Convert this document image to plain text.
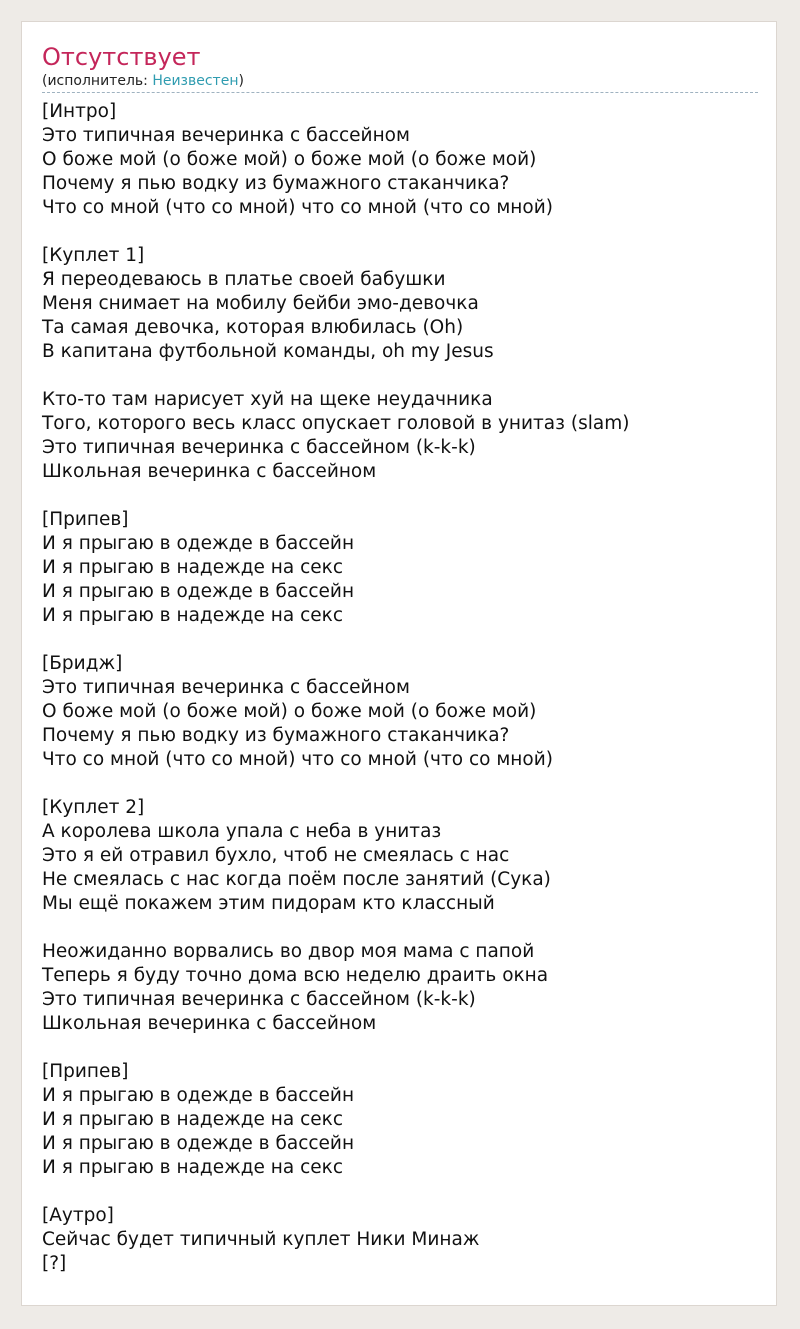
Отсутствует
(исполнитель: Неизвестен)
[Интро]
Это типичная вечеринка с бассейном
О боже мой (о боже мой) о боже мой (о боже мой)
Почему я пью водку из бумажного стаканчика?
Что со мной (что со мной) что со мной (что со мной)
[Куплет 1]
Я переодеваюсь в платье своей бабушки
Меня снимает на мобилу бейби эмо-девочка
Та самая девочка, которая влюбилась (Oh)
В капитана футбольной команды, oh my Jesus
Кто-то там нарисует хуй на щеке неудачника
Того, которого весь класс опускает головой в унитаз (slam)
Это типичная вечеринка с бассейном (k-k-k)
Школьная вечеринка с бассейном
[Припев]
И я прыгаю в одежде в бассейн
И я прыгаю в надежде на секс
И я прыгаю в одежде в бассейн
И я прыгаю в надежде на секс
[Бридж]
Это типичная вечеринка с бассейном
О боже мой (о боже мой) о боже мой (о боже мой)
Почему я пью водку из бумажного стаканчика?
Что со мной (что со мной) что со мной (что со мной)
[Куплет 2]
А королева школа упала с неба в унитаз
Это я ей отравил бухло, чтоб не смеялась с нас
Не смеялась с нас когда поём после занятий (Сука)
Мы ещё покажем этим пидорам кто классный
Неожиданно ворвались во двор моя мама с папой
Теперь я буду точно дома всю неделю драить окна
Это типичная вечеринка с бассейном (k-k-k)
Школьная вечеринка с бассейном
[Припев]
И я прыгаю в одежде в бассейн
И я прыгаю в надежде на секс
И я прыгаю в одежде в бассейн
И я прыгаю в надежде на секс
[Аутро]
Сейчас будет типичный куплет Ники Минаж
[?]
